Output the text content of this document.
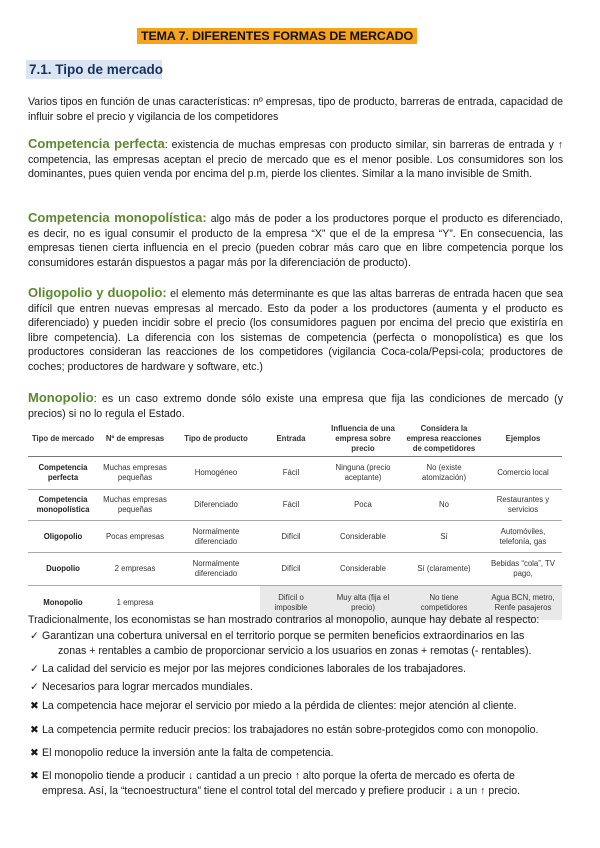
TEMA 7. DIFERENTES FORMAS DE MERCADO
7.1. Tipo de mercado
Varios tipos en función de unas características: nº empresas, tipo de producto, barreras de entrada, capacidad de influir sobre el precio y vigilancia de los competidores
Competencia perfecta: existencia de muchas empresas con producto similar, sin barreras de entrada y ↑ competencia, las empresas aceptan el precio de mercado que es el menor posible. Los consumidores son los dominantes, pues quien venda por encima del p.m, pierde los clientes. Similar a la mano invisible de Smith.
Competencia monopolística: algo más de poder a los productores porque el producto es diferenciado, es decir, no es igual consumir el producto de la empresa “X” que el de la empresa “Y”. En consecuencia, las empresas tienen cierta influencia en el precio (pueden cobrar más caro que en libre competencia porque los consumidores estarán dispuestos a pagar más por la diferenciación de producto).
Oligopolio y duopolio: el elemento más determinante es que las altas barreras de entrada hacen que sea difícil que entren nuevas empresas al mercado. Esto da poder a los productores (aumenta y el producto es diferenciado) y pueden incidir sobre el precio (los consumidores paguen por encima del precio que existiría en libre competencia). La diferencia con los sistemas de competencia (perfecta o monopolística) es que los productores consideran las reacciones de los competidores (vigilancia Coca-cola/Pepsi-cola; productores de coches; productores de hardware y software, etc.)
Monopolio: es un caso extremo donde sólo existe una empresa que fija las condiciones de mercado (y precios) si no lo regula el Estado.
Tipo de mercado	Nº de empresas	Tipo de producto	Entrada	Influencia de una empresa sobre precio	Considera la empresa reacciones de competidores	Ejemplos
Competencia perfecta	Muchas empresas pequeñas	Homogéneo	Fácil	Ninguna (precio aceptante)	No (existe atomización)	Comercio local
Competencia monopolística	Muchas empresas pequeñas	Diferenciado	Fácil	Poca	No	Restaurantes y servicios
Oligopolio	Pocas empresas	Normalmente diferenciado	Difícil	Considerable	Sí	Automóviles, telefonía, gas
Duopolio	2 empresas	Normalmente diferenciado	Difícil	Considerable	Sí (claramente)	Bebidas “cola”, TV pago,
Monopolio	1 empresa		Difícil o imposible	Muy alta (fija el precio)	No tiene competidores	Agua BCN, metro, Renfe pasajeros
Tradicionalmente, los economistas se han mostrado contrarios al monopolio, aunque hay debate al respecto:
✓ Garantizan una cobertura universal en el territorio porque se permiten beneficios extraordinarios en las
zonas + rentables a cambio de proporcionar servicio a los usuarios en zonas + remotas (- rentables).
✓ La calidad del servicio es mejor por las mejores condiciones laborales de los trabajadores.
✓ Necesarios para lograr mercados mundiales.
✖ La competencia hace mejorar el servicio por miedo a la pérdida de clientes: mejor atención al cliente.
✖ La competencia permite reducir precios: los trabajadores no están sobre-protegidos como con monopolio.
✖ El monopolio reduce la inversión ante la falta de competencia.
✖ El monopolio tiende a producir ↓ cantidad a un precio ↑ alto porque la oferta de mercado es oferta de
empresa. Así, la “tecnoestructura” tiene el control total del mercado y prefiere producir ↓ a un ↑ precio.
